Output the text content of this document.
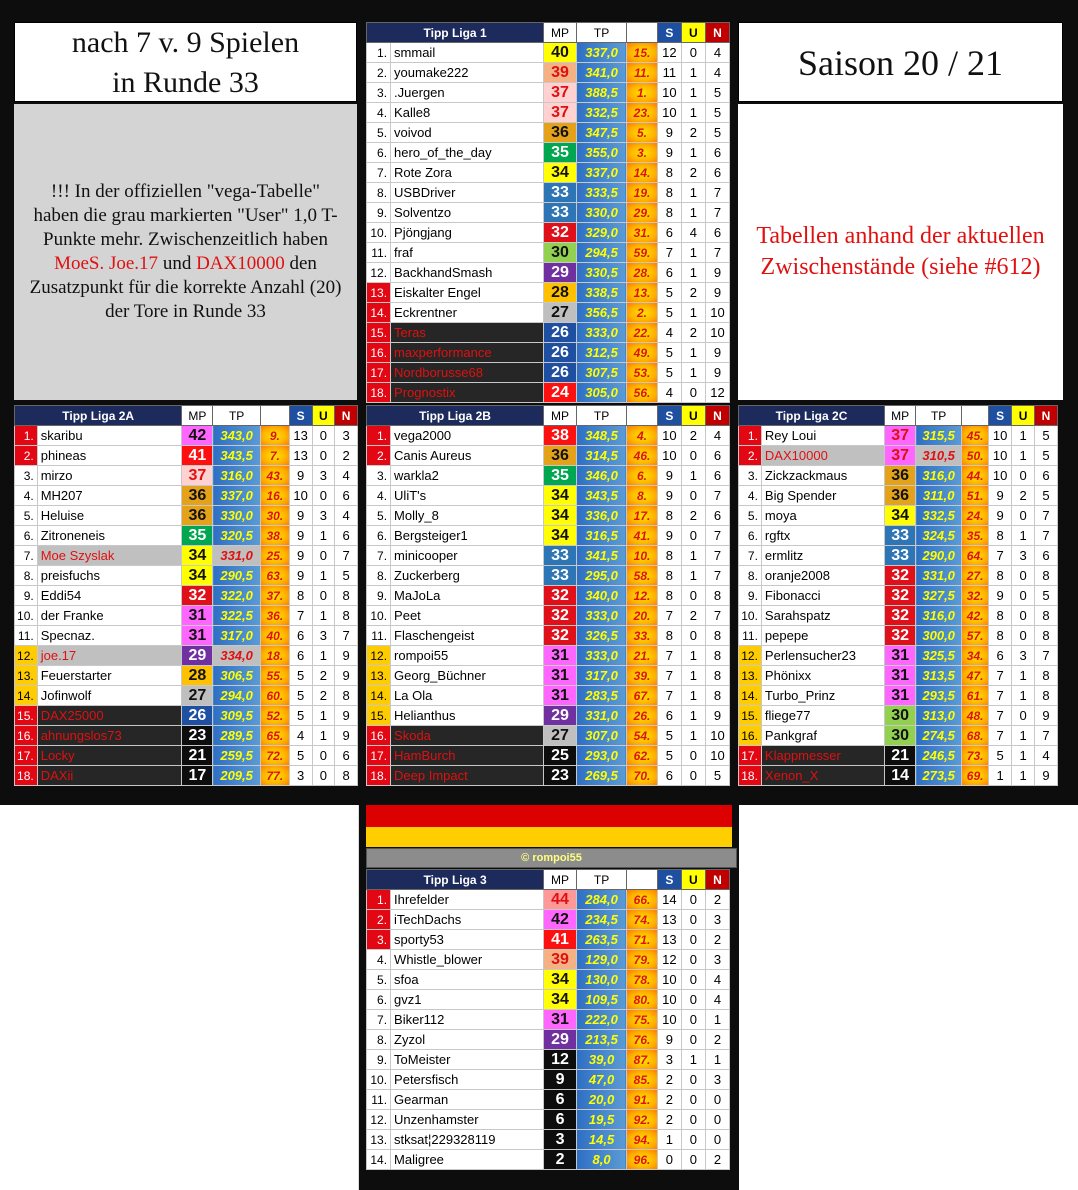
nach 7 v. 9 Spielen
in Runde 33	Saison 20 / 21
!!! In der offiziellen "vega-Tabelle" haben die grau markierten "User" 1,0 T-Punkte mehr. Zwischenzeitlich haben MoeS. Joe.17 und DAX10000 den Zusatzpunkt für die korrekte Anzahl (20) der Tore in Runde 33
Tabellen anhand der aktuellen Zwischenstände (siehe #612)
© rompoi55
Tipp Liga 1		MP	TP		S	U	N
1.	smmail	40	337,0	15.	12	0	4
2.	youmake222	39	341,0	11.	11	1	4
3.	.Juergen	37	388,5	1.	10	1	5
4.	Kalle8	37	332,5	23.	10	1	5
5.	voivod	36	347,5	5.	9	2	5
6.	hero_of_the_day	35	355,0	3.	9	1	6
7.	Rote Zora	34	337,0	14.	8	2	6
8.	USBDriver	33	333,5	19.	8	1	7
9.	Solventzo	33	330,0	29.	8	1	7
10.	Pjöngjang	32	329,0	31.	6	4	6
11.	fraf	30	294,5	59.	7	1	7
12.	BackhandSmash	29	330,5	28.	6	1	9
13.	Eiskalter Engel	28	338,5	13.	5	2	9
14.	Eckrentner	27	356,5	2.	5	1	10
15.	Teras	26	333,0	22.	4	2	10
16.	maxperformance	26	312,5	49.	5	1	9
17.	Nordborusse68	26	307,5	53.	5	1	9
18.	Prognostix	24	305,0	56.	4	0	12
Tipp Liga 2A		MP	TP		S	U	N
1.	skaribu	42	343,0	9.	13	0	3
2.	phineas	41	343,5	7.	13	0	2
3.	mirzo	37	316,0	43.	9	3	4
4.	MH207	36	337,0	16.	10	0	6
5.	Heluise	36	330,0	30.	9	3	4
6.	Zitroneneis	35	320,5	38.	9	1	6
7.	Moe Szyslak	34	331,0	25.	9	0	7
8.	preisfuchs	34	290,5	63.	9	1	5
9.	Eddi54	32	322,0	37.	8	0	8
10.	der Franke	31	322,5	36.	7	1	8
11.	Specnaz.	31	317,0	40.	6	3	7
12.	joe.17	29	334,0	18.	6	1	9
13.	Feuerstarter	28	306,5	55.	5	2	9
14.	Jofinwolf	27	294,0	60.	5	2	8
15.	DAX25000	26	309,5	52.	5	1	9
16.	ahnungslos73	23	289,5	65.	4	1	9
17.	Locky	21	259,5	72.	5	0	6
18.	DAXii	17	209,5	77.	3	0	8
Tipp Liga 2B		MP	TP		S	U	N
1.	vega2000	38	348,5	4.	10	2	4
2.	Canis Aureus	36	314,5	46.	10	0	6
3.	warkla2	35	346,0	6.	9	1	6
4.	UliT's	34	343,5	8.	9	0	7
5.	Molly_8	34	336,0	17.	8	2	6
6.	Bergsteiger1	34	316,5	41.	9	0	7
7.	minicooper	33	341,5	10.	8	1	7
8.	Zuckerberg	33	295,0	58.	8	1	7
9.	MaJoLa	32	340,0	12.	8	0	8
10.	Peet	32	333,0	20.	7	2	7
11.	Flaschengeist	32	326,5	33.	8	0	8
12.	rompoi55	31	333,0	21.	7	1	8
13.	Georg_Büchner	31	317,0	39.	7	1	8
14.	La Ola	31	283,5	67.	7	1	8
15.	Helianthus	29	331,0	26.	6	1	9
16.	Skoda	27	307,0	54.	5	1	10
17.	HamBurch	25	293,0	62.	5	0	10
18.	Deep Impact	23	269,5	70.	6	0	5
Tipp Liga 2C		MP	TP		S	U	N
1.	Rey Loui	37	315,5	45.	10	1	5
2.	DAX10000	37	310,5	50.	10	1	5
3.	Zickzackmaus	36	316,0	44.	10	0	6
4.	Big Spender	36	311,0	51.	9	2	5
5.	moya	34	332,5	24.	9	0	7
6.	rgftx	33	324,5	35.	8	1	7
7.	ermlitz	33	290,0	64.	7	3	6
8.	oranje2008	32	331,0	27.	8	0	8
9.	Fibonacci	32	327,5	32.	9	0	5
10.	Sarahspatz	32	316,0	42.	8	0	8
11.	pepepe	32	300,0	57.	8	0	8
12.	Perlensucher23	31	325,5	34.	6	3	7
13.	Phönixx	31	313,5	47.	7	1	8
14.	Turbo_Prinz	31	293,5	61.	7	1	8
15.	fliege77	30	313,0	48.	7	0	9
16.	Pankgraf	30	274,5	68.	7	1	7
17.	Klappmesser	21	246,5	73.	5	1	4
18.	Xenon_X	14	273,5	69.	1	1	9
Tipp Liga 3		MP	TP		S	U	N
1.	Ihrefelder	44	284,0	66.	14	0	2
2.	iTechDachs	42	234,5	74.	13	0	3
3.	sporty53	41	263,5	71.	13	0	2
4.	Whistle_blower	39	129,0	79.	12	0	3
5.	sfoa	34	130,0	78.	10	0	4
6.	gvz1	34	109,5	80.	10	0	4
7.	Biker112	31	222,0	75.	10	0	1
8.	Zyzol	29	213,5	76.	9	0	2
9.	ToMeister	12	39,0	87.	3	1	1
10.	Petersfisch	9	47,0	85.	2	0	3
11.	Gearman	6	20,0	91.	2	0	0
12.	Unzenhamster	6	19,5	92.	2	0	0
13.	stksat¦229328119	3	14,5	94.	1	0	0
14.	Maligree	2	8,0	96.	0	0	2
